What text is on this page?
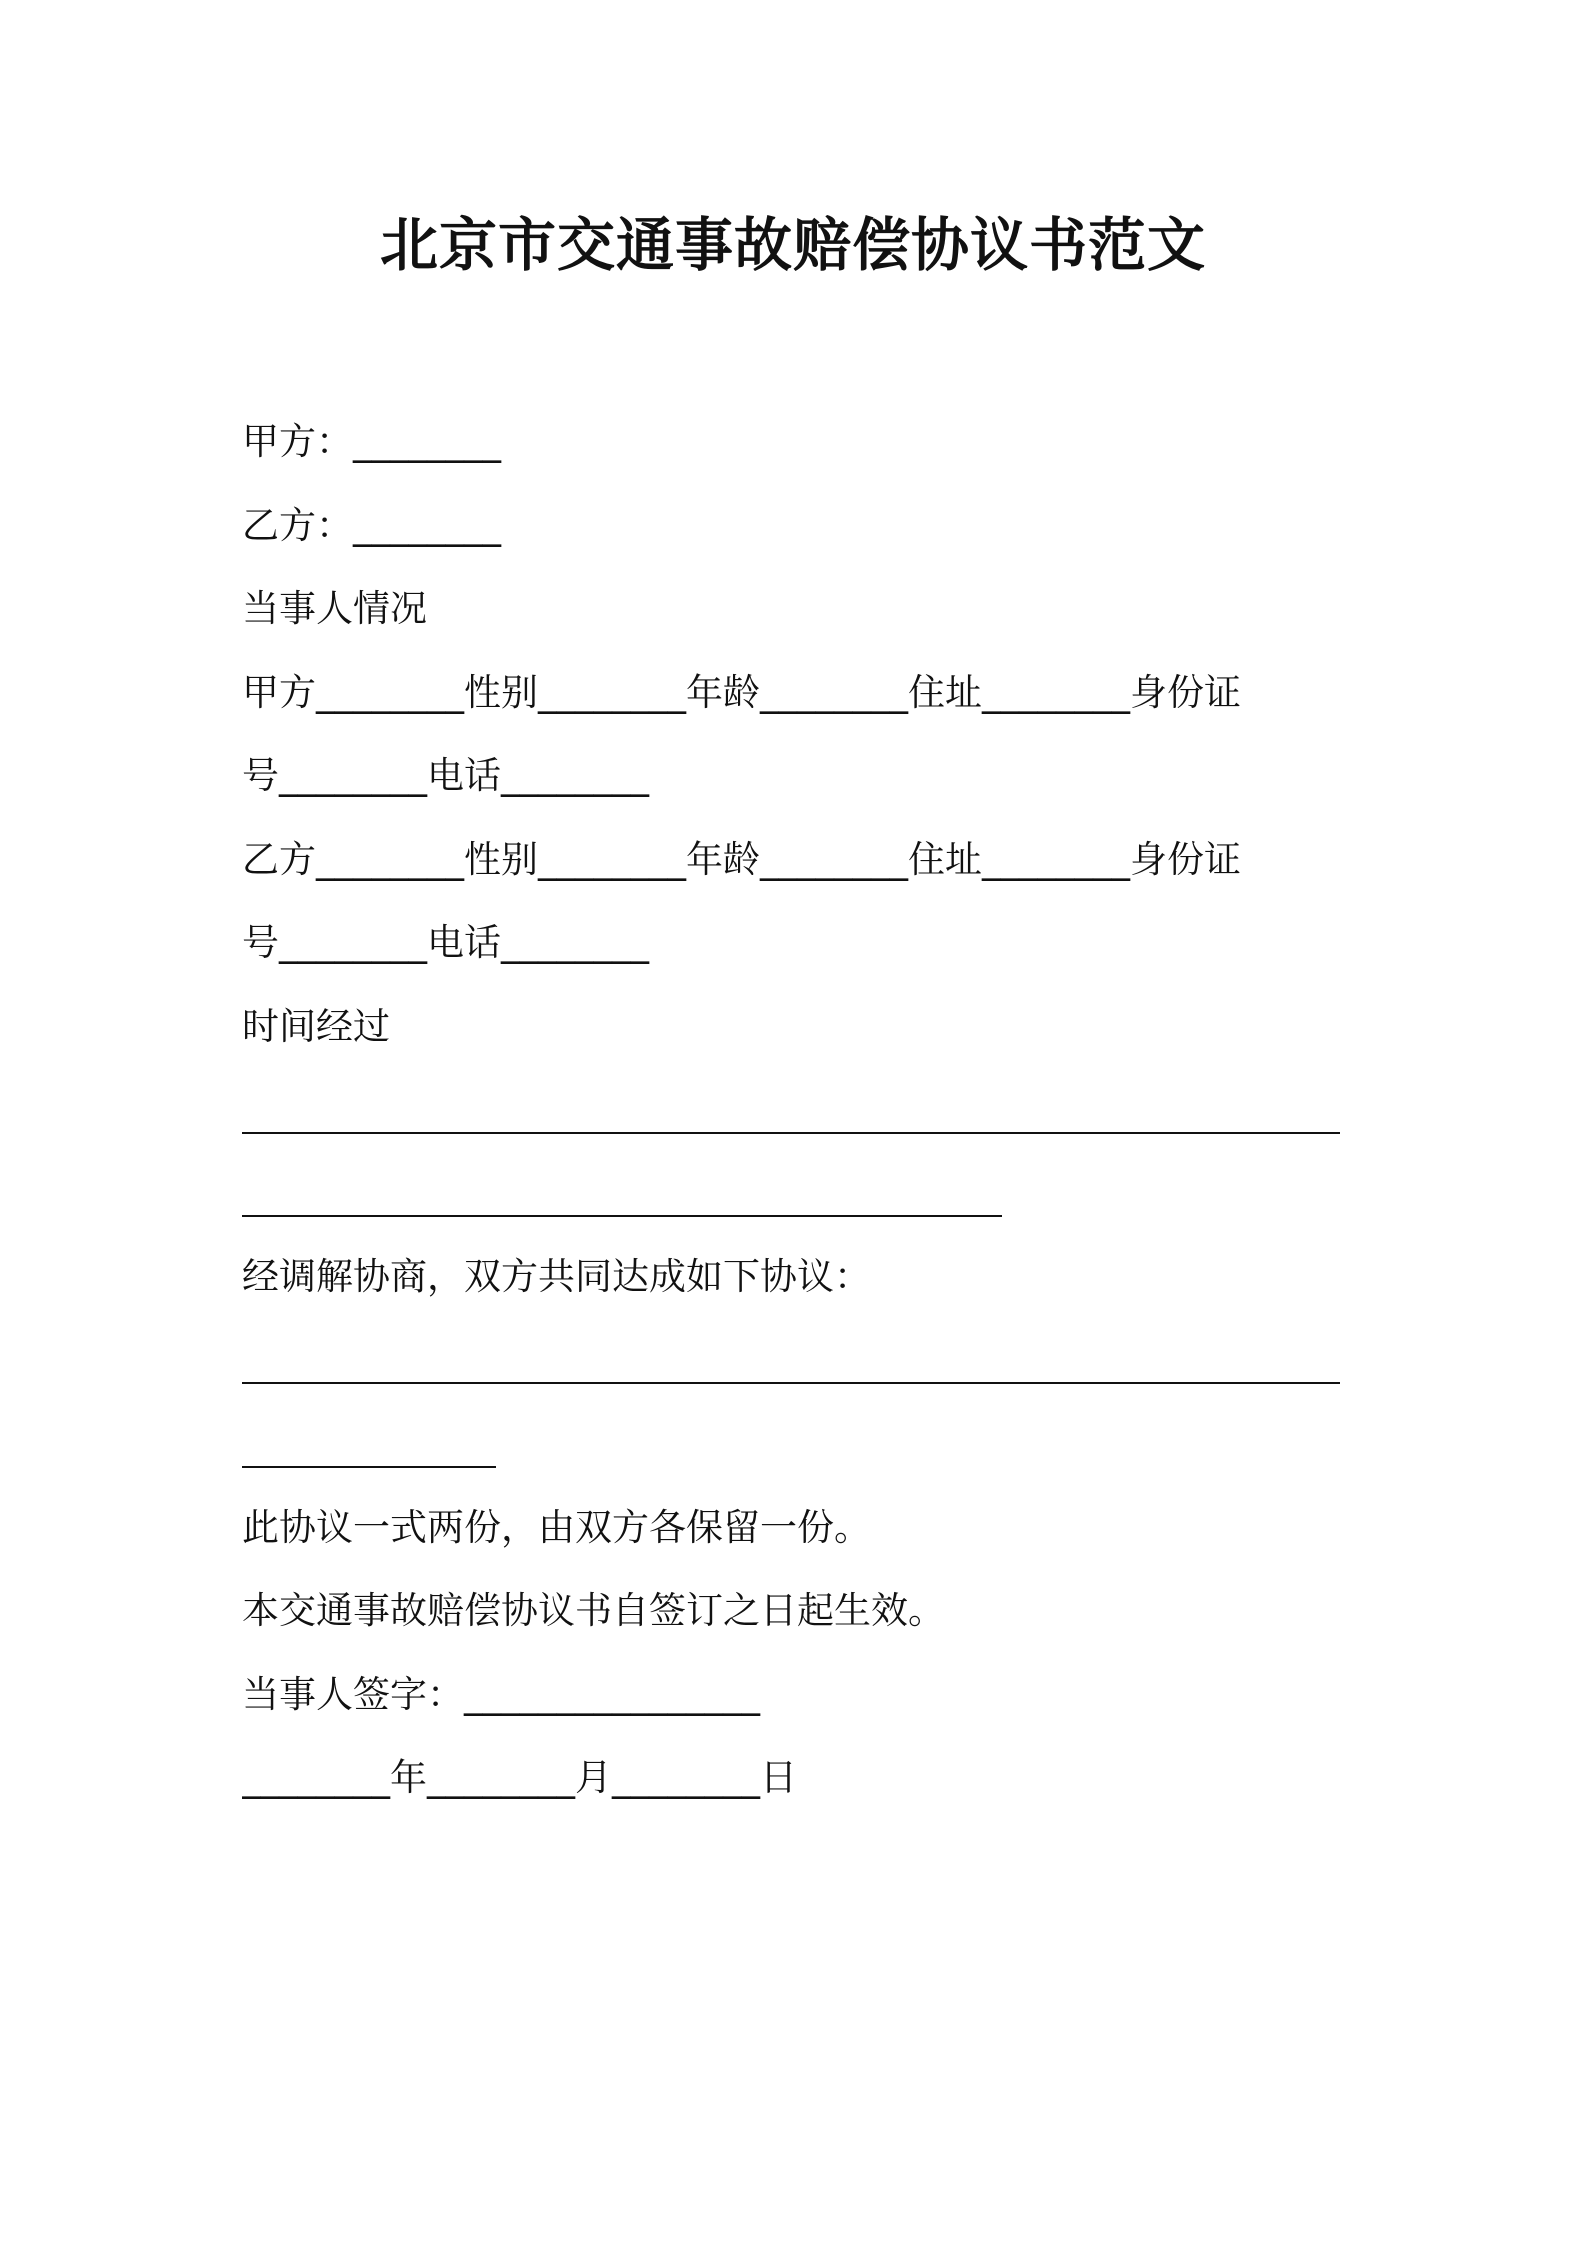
北京市交通事故赔偿协议书范文
甲方：________
乙方：________
当事人情况
甲方________性别________年龄________住址________身份证
号________电话________
乙方________性别________年龄________住址________身份证
号________电话________
时间经过
经调解协商，双方共同达成如下协议：
此协议一式两份，由双方各保留一份。
本交通事故赔偿协议书自签订之日起生效。
当事人签字：________________
________年________月________日
